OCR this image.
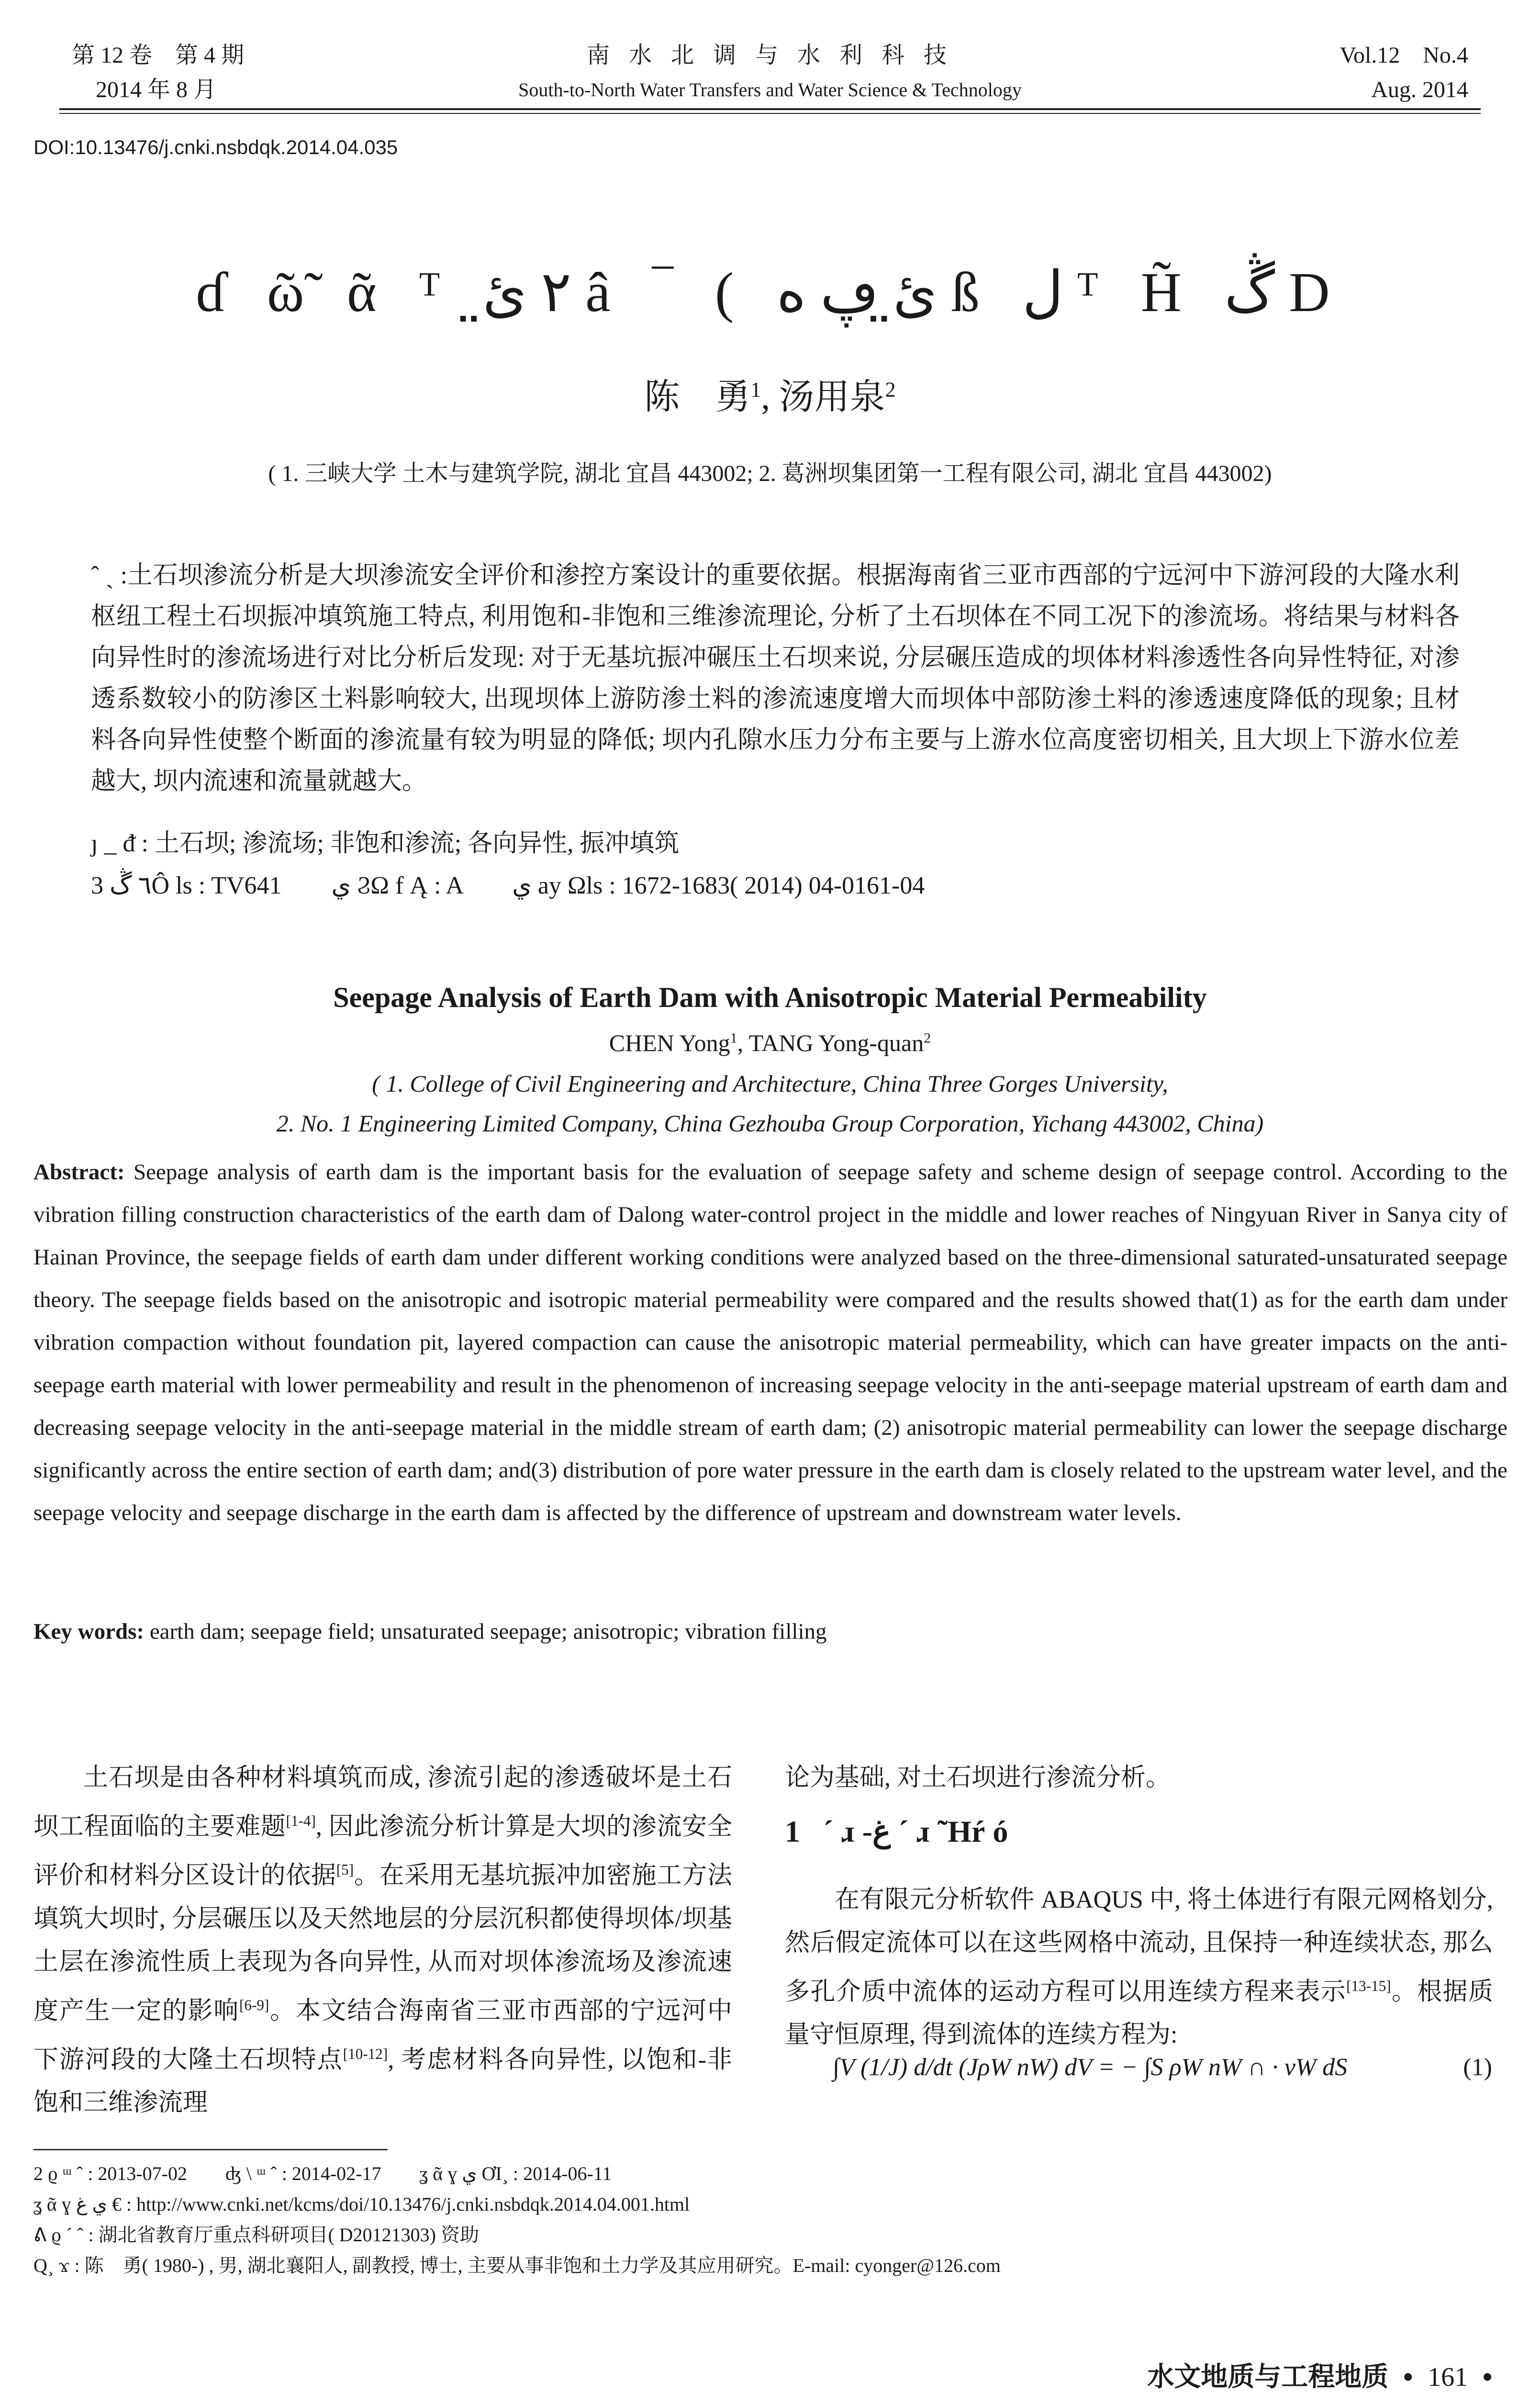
第 12 卷　第 4 期
2014 年 8 月
南 水 北 调 与 水 利 科 技
South-to-North Water Transfers and Water Science & Technology
Vol.12　No.4
Aug. 2014
DOI:10.13476/j.cnki.nsbdqk.2014.04.035
ɗ ῶ̃ ᾶ ᵀ ٢ ئ̤ â ‾ ( ئ̤ ڥ ه ß ل ᵀ H̃ ڴ D
陈　勇$^1$, 汤用泉$^2$
( 1. 三峡大学 土木与建筑学院, 湖北 宜昌 443002; 2. 葛洲坝集团第一工程有限公司, 湖北 宜昌 443002)
ˆ ˎ :土石坝渗流分析是大坝渗流安全评价和渗控方案设计的重要依据。根据海南省三亚市西部的宁远河中下游河段的大隆水利枢纽工程土石坝振冲填筑施工特点, 利用饱和-非饱和三维渗流理论, 分析了土石坝体在不同工况下的渗流场。将结果与材料各向异性时的渗流场进行对比分析后发现: 对于无基坑振冲碾压土石坝来说, 分层碾压造成的坝体材料渗透性各向异性特征, 对渗透系数较小的防渗区土料影响较大, 出现坝体上游防渗土料的渗流速度增大而坝体中部防渗土料的渗透速度降低的现象; 且材料各向异性使整个断面的渗流量有较为明显的降低; 坝内孔隙水压力分布主要与上游水位高度密切相关, 且大坝上下游水位差越大, 坝内流速和流量就越大。
ȷ _ ᵭ : 土石坝; 渗流场; 非饱和渗流; 各向异性, 振冲填筑
3 ٦ ڴÔ ls : TV641　　ي ϨΩ f Ą : A　　ي ay Ωls : 1672-1683( 2014) 04-0161-04
Seepage Analysis of Earth Dam with Anisotropic Material Permeability
CHEN Yong$^1$, TANG Yong-quan$^2$
( 1. College of Civil Engineering and Architecture, China Three Gorges University,
2. No. 1 Engineering Limited Company, China Gezhouba Group Corporation, Yichang 443002, China)
Abstract: Seepage analysis of earth dam is the important basis for the evaluation of seepage safety and scheme design of seepage control. According to the vibration filling construction characteristics of the earth dam of Dalong water-control project in the middle and lower reaches of Ningyuan River in Sanya city of Hainan Province, the seepage fields of earth dam under different working conditions were analyzed based on the three-dimensional saturated-unsaturated seepage theory. The seepage fields based on the anisotropic and isotropic material permeability were compared and the results showed that(1) as for the earth dam under vibration compaction without foundation pit, layered compaction can cause the anisotropic material permeability, which can have greater impacts on the anti-seepage earth material with lower permeability and result in the phenomenon of increasing seepage velocity in the anti-seepage material upstream of earth dam and decreasing seepage velocity in the anti-seepage material in the middle stream of earth dam; (2) anisotropic material permeability can lower the seepage discharge significantly across the entire section of earth dam; and(3) distribution of pore water pressure in the earth dam is closely related to the upstream water level, and the seepage velocity and seepage discharge in the earth dam is affected by the difference of upstream and downstream water levels.
Key words: earth dam; seepage field; unsaturated seepage; anisotropic; vibration filling
土石坝是由各种材料填筑而成, 渗流引起的渗透破坏是土石坝工程面临的主要难题[1-4], 因此渗流分析计算是大坝的渗流安全评价和材料分区设计的依据[5]。在采用无基坑振冲加密施工方法填筑大坝时, 分层碾压以及天然地层的分层沉积都使得坝体/坝基土层在渗流性质上表现为各向异性, 从而对坝体渗流场及渗流速度产生一定的影响[6-9]。本文结合海南省三亚市西部的宁远河中下游河段的大隆土石坝特点[10-12], 考虑材料各向异性, 以饱和-非饱和三维渗流理
论为基础, 对土石坝进行渗流分析。
1 ˊ ɹ -ﻍ ˊ ɹ ˜Hŕ ó
在有限元分析软件 ABAQUS 中, 将土体进行有限元网格划分, 然后假定流体可以在这些网格中流动, 且保持一种连续状态, 那么多孔介质中流体的运动方程可以用连续方程来表示[13-15]。根据质量守恒原理, 得到流体的连续方程为:
∫V (1/J) d/dt (JρW nW) dV = − ∫S ρW nW ∩ · vW dS	(1)
2 ϱ ᵚ ˆ : 2013-07-02　　ʤ \ ᵚ ˆ : 2014-02-17　　ʓ ᾶ ɣ ي ƠΙ¸ : 2014-06-11
ʓ ᾶ ɣ ي ﻍ € : http://www.cnki.net/kcms/doi/10.13476/j.cnki.nsbdqk.2014.04.001.html
ᕕ ϱ ´ ˆ : 湖北省教育厅重点科研项目( D20121303) 资助
Q¸ ϫ : 陈　勇( 1980-) , 男, 湖北襄阳人, 副教授, 博士, 主要从事非饱和土力学及其应用研究。E-mail: cyonger@126.com
水文地质与工程地质 • 161 •
